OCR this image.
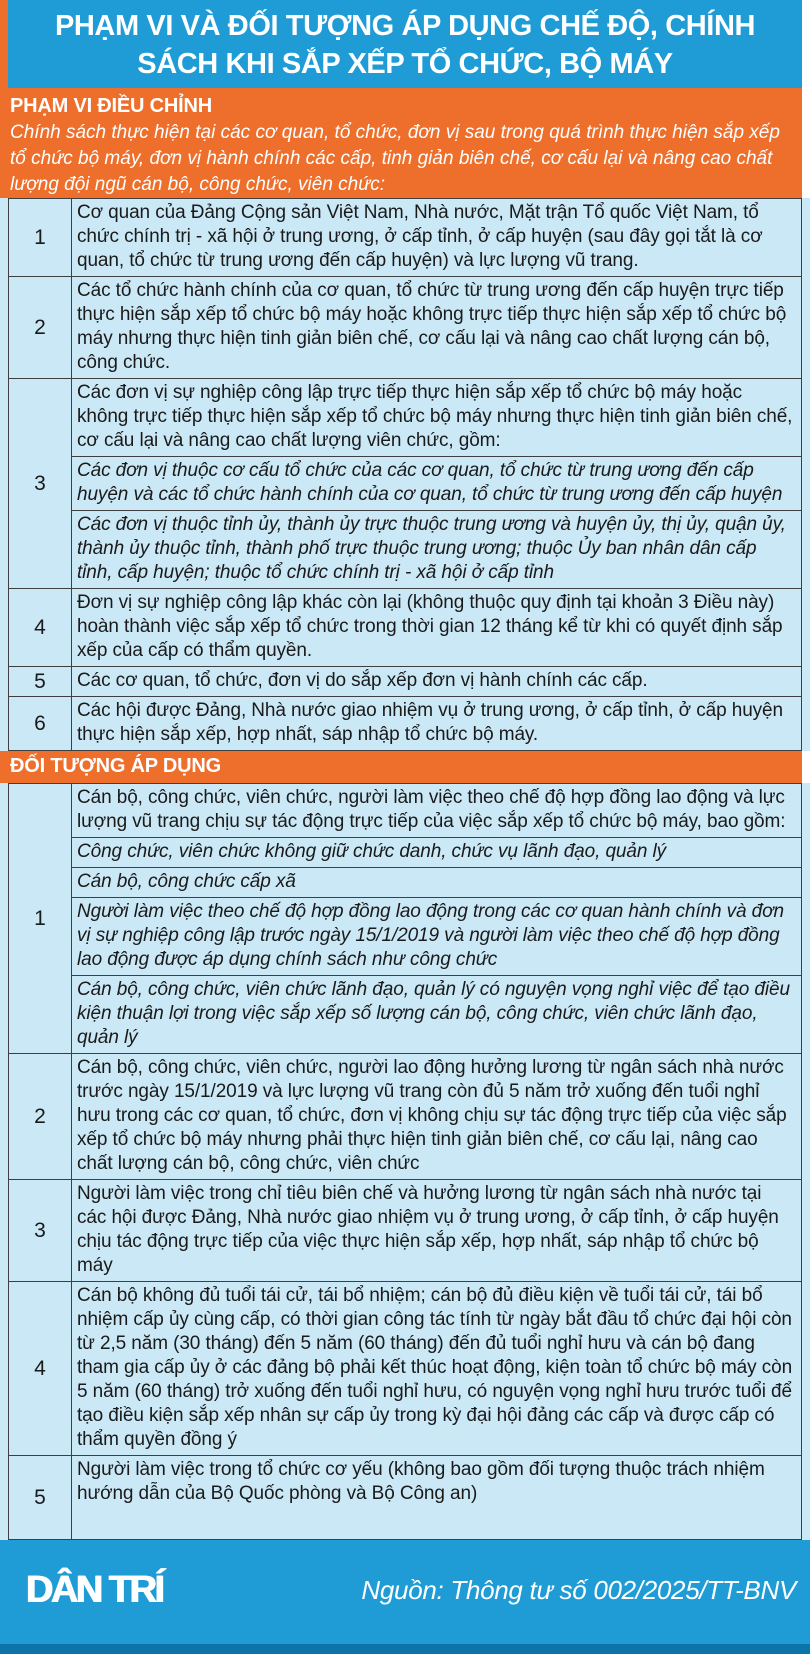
PHẠM VI VÀ ĐỐI TƯỢNG ÁP DỤNG CHẾ ĐỘ, CHÍNH SÁCH KHI SẮP XẾP TỔ CHỨC, BỘ MÁY
PHẠM VI ĐIỀU CHỈNH
Chính sách thực hiện tại các cơ quan, tổ chức, đơn vị sau trong quá trình thực hiện sắp xếp tổ chức bộ máy, đơn vị hành chính các cấp, tinh giản biên chế, cơ cấu lại và nâng cao chất lượng đội ngũ cán bộ, công chức, viên chức:
1
Cơ quan của Đảng Cộng sản Việt Nam, Nhà nước, Mặt trận Tổ quốc Việt Nam, tổ chức chính trị - xã hội ở trung ương, ở cấp tỉnh, ở cấp huyện (sau đây gọi tắt là cơ quan, tổ chức từ trung ương đến cấp huyện) và lực lượng vũ trang.
2
Các tổ chức hành chính của cơ quan, tổ chức từ trung ương đến cấp huyện trực tiếp thực hiện sắp xếp tổ chức bộ máy hoặc không trực tiếp thực hiện sắp xếp tổ chức bộ máy nhưng thực hiện tinh giản biên chế, cơ cấu lại và nâng cao chất lượng cán bộ, công chức.
3
Các đơn vị sự nghiệp công lập trực tiếp thực hiện sắp xếp tổ chức bộ máy hoặc không trực tiếp thực hiện sắp xếp tổ chức bộ máy nhưng thực hiện tinh giản biên chế, cơ cấu lại và nâng cao chất lượng viên chức, gồm:
Các đơn vị thuộc cơ cấu tổ chức của các cơ quan, tổ chức từ trung ương đến cấp huyện và các tổ chức hành chính của cơ quan, tổ chức từ trung ương đến cấp huyện
Các đơn vị thuộc tỉnh ủy, thành ủy trực thuộc trung ương và huyện ủy, thị ủy, quận ủy, thành ủy thuộc tỉnh, thành phố trực thuộc trung ương; thuộc Ủy ban nhân dân cấp tỉnh, cấp huyện; thuộc tổ chức chính trị - xã hội ở cấp tỉnh
4
Đơn vị sự nghiệp công lập khác còn lại (không thuộc quy định tại khoản 3 Điều này) hoàn thành việc sắp xếp tổ chức trong thời gian 12 tháng kể từ khi có quyết định sắp xếp của cấp có thẩm quyền.
5	Các cơ quan, tổ chức, đơn vị do sắp xếp đơn vị hành chính các cấp.
6
Các hội được Đảng, Nhà nước giao nhiệm vụ ở trung ương, ở cấp tỉnh, ở cấp huyện thực hiện sắp xếp, hợp nhất, sáp nhập tổ chức bộ máy.
ĐỐI TƯỢNG ÁP DỤNG
1
Cán bộ, công chức, viên chức, người làm việc theo chế độ hợp đồng lao động và lực lượng vũ trang chịu sự tác động trực tiếp của việc sắp xếp tổ chức bộ máy, bao gồm:
Công chức, viên chức không giữ chức danh, chức vụ lãnh đạo, quản lý
Cán bộ, công chức cấp xã
Người làm việc theo chế độ hợp đồng lao động trong các cơ quan hành chính và đơn vị sự nghiệp công lập trước ngày 15/1/2019 và người làm việc theo chế độ hợp đồng lao động được áp dụng chính sách như công chức
Cán bộ, công chức, viên chức lãnh đạo, quản lý có nguyện vọng nghỉ việc để tạo điều kiện thuận lợi trong việc sắp xếp số lượng cán bộ, công chức, viên chức lãnh đạo, quản lý
2
Cán bộ, công chức, viên chức, người lao động hưởng lương từ ngân sách nhà nước trước ngày 15/1/2019 và lực lượng vũ trang còn đủ 5 năm trở xuống đến tuổi nghỉ hưu trong các cơ quan, tổ chức, đơn vị không chịu sự tác động trực tiếp của việc sắp xếp tổ chức bộ máy nhưng phải thực hiện tinh giản biên chế, cơ cấu lại, nâng cao chất lượng cán bộ, công chức, viên chức
3
Người làm việc trong chỉ tiêu biên chế và hưởng lương từ ngân sách nhà nước tại các hội được Đảng, Nhà nước giao nhiệm vụ ở trung ương, ở cấp tỉnh, ở cấp huyện chịu tác động trực tiếp của việc thực hiện sắp xếp, hợp nhất, sáp nhập tổ chức bộ máy
4
Cán bộ không đủ tuổi tái cử, tái bổ nhiệm; cán bộ đủ điều kiện về tuổi tái cử, tái bổ nhiệm cấp ủy cùng cấp, có thời gian công tác tính từ ngày bắt đầu tổ chức đại hội còn từ 2,5 năm (30 tháng) đến 5 năm (60 tháng) đến đủ tuổi nghỉ hưu và cán bộ đang tham gia cấp ủy ở các đảng bộ phải kết thúc hoạt động, kiện toàn tổ chức bộ máy còn 5 năm (60 tháng) trở xuống đến tuổi nghỉ hưu, có nguyện vọng nghỉ hưu trước tuổi để tạo điều kiện sắp xếp nhân sự cấp ủy trong kỳ đại hội đảng các cấp và được cấp có thẩm quyền đồng ý
5
Người làm việc trong tổ chức cơ yếu (không bao gồm đối tượng thuộc trách nhiệm hướng dẫn của Bộ Quốc phòng và Bộ Công an)
DÂN TRÍ	Nguồn: Thông tư số 002/2025/TT-BNV
